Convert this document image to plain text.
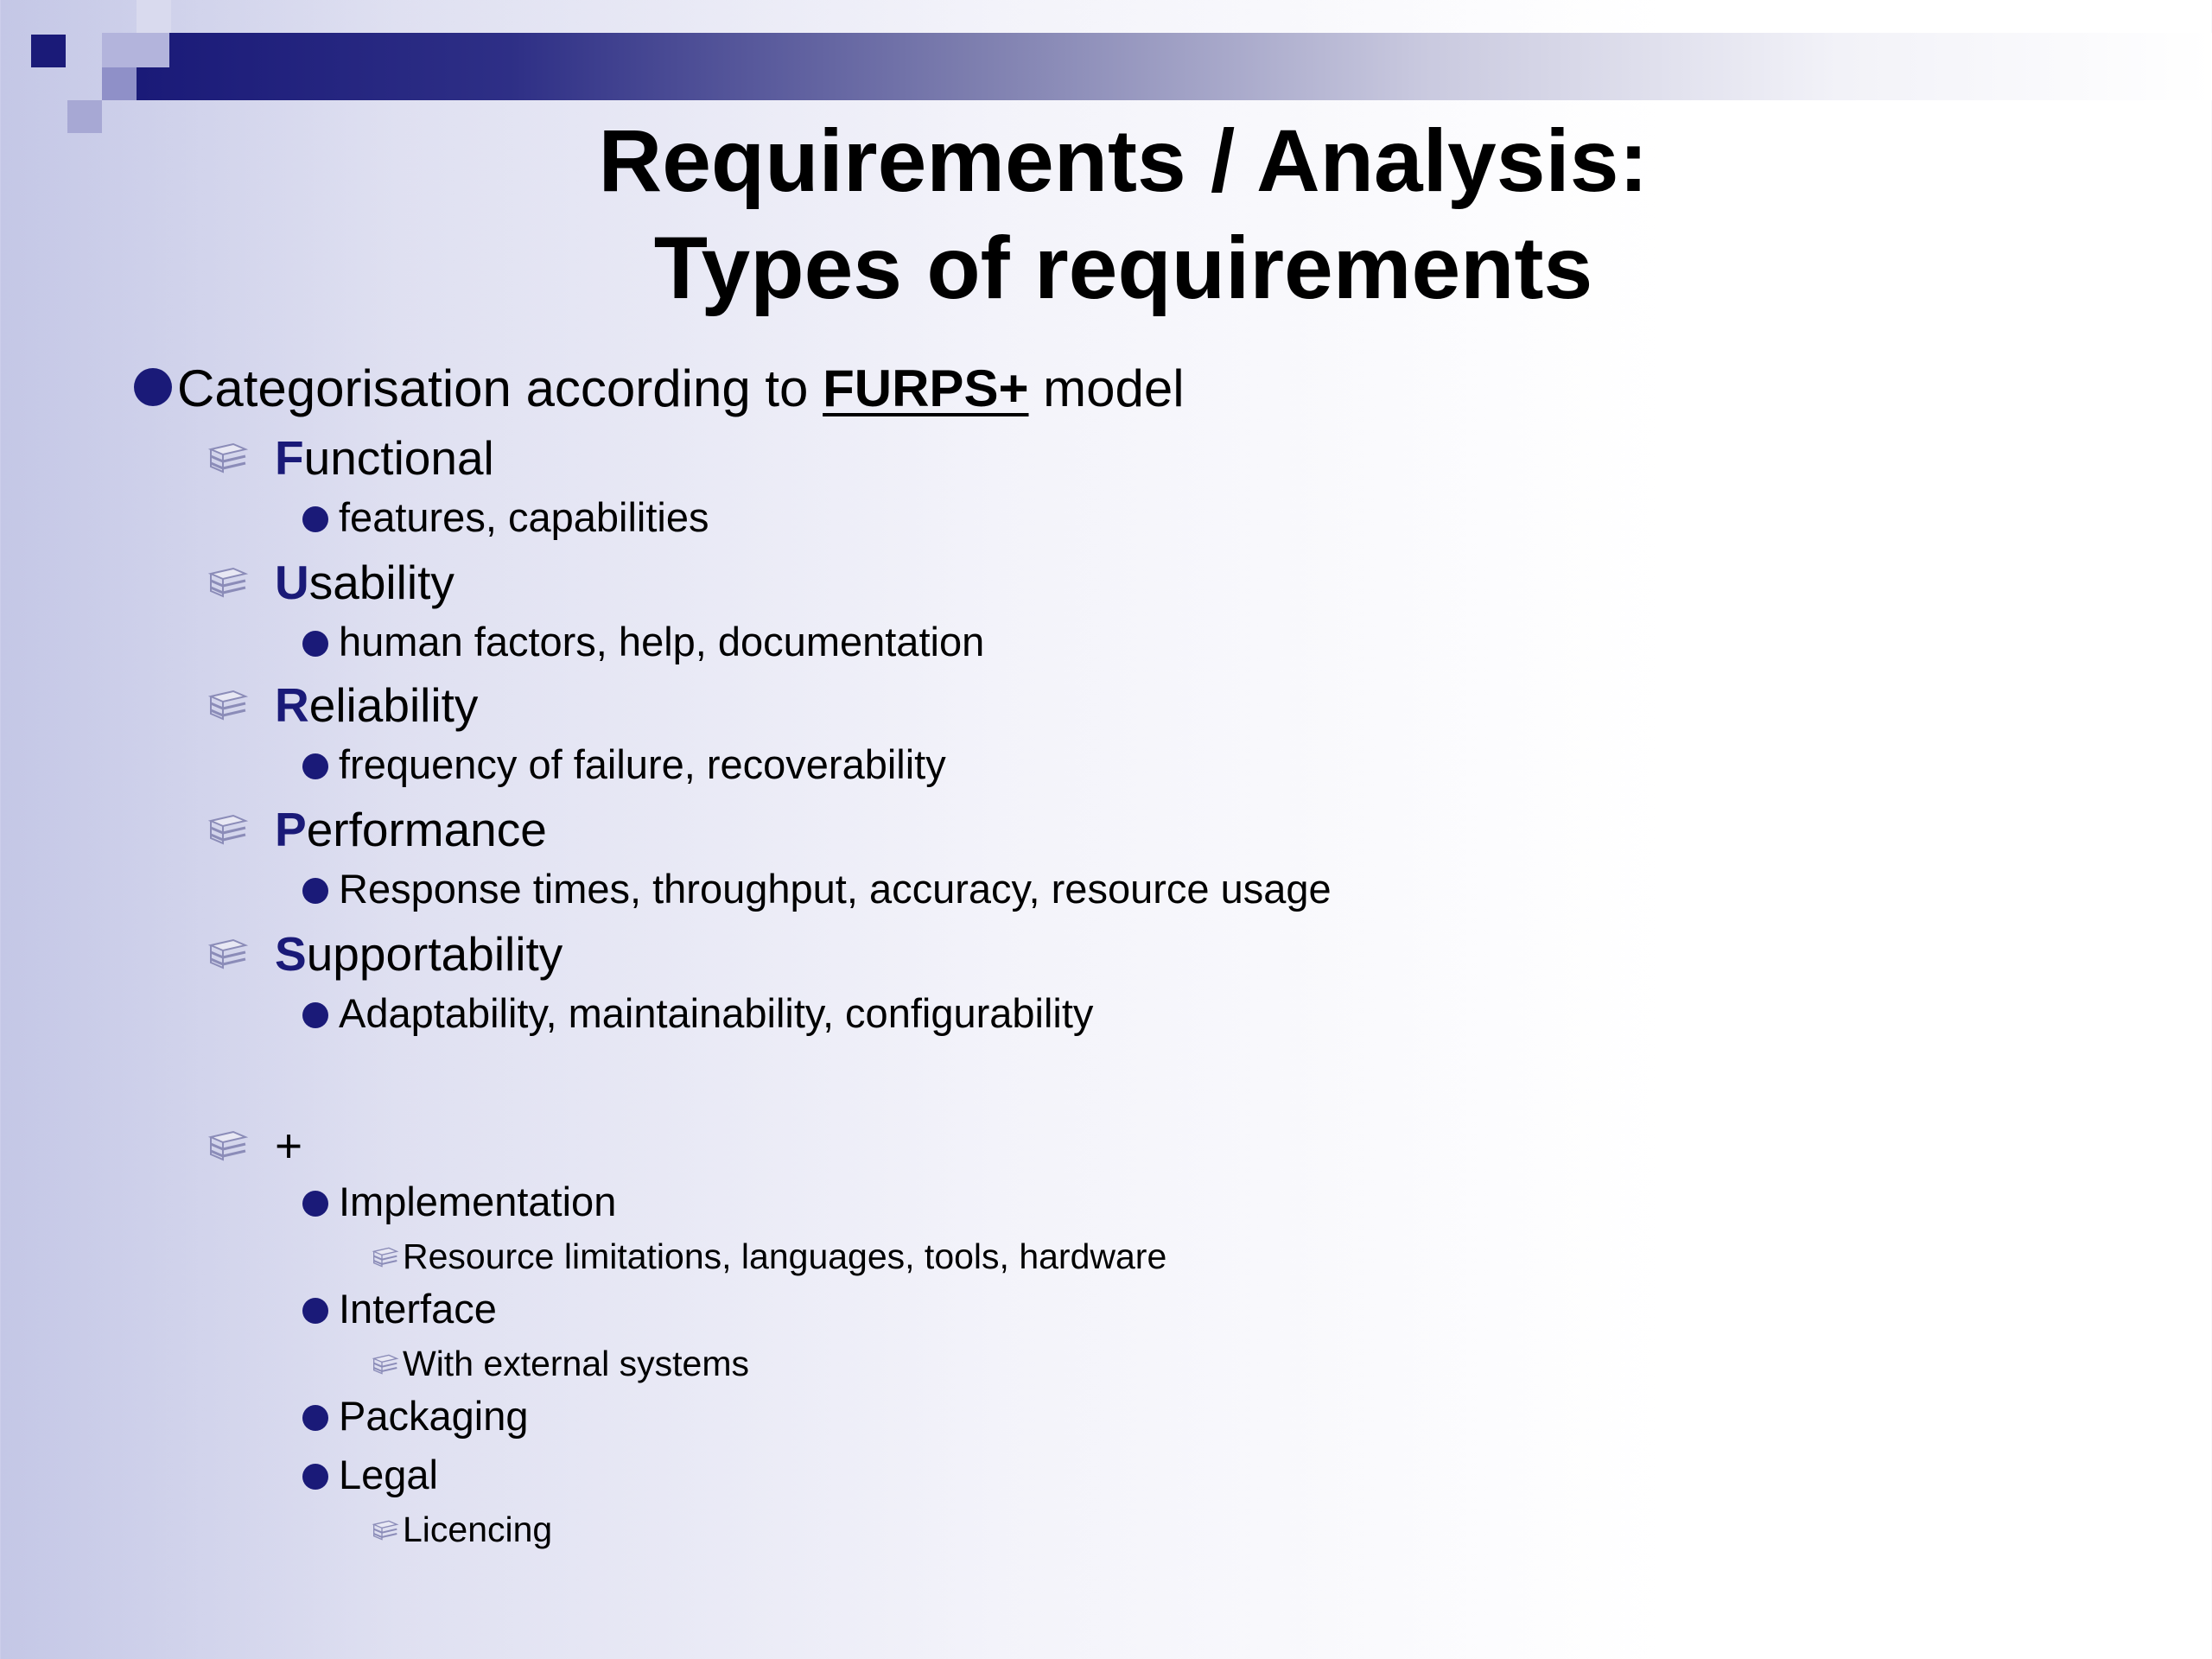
Requirements / Analysis:
Types of requirements
Categorisation according to FURPS+ model
Functional
features, capabilities
Usability
human factors, help, documentation
Reliability
frequency of failure, recoverability
Performance
Response times, throughput, accuracy, resource usage
Supportability
Adaptability, maintainability, configurability
+
Implementation
Resource limitations, languages, tools, hardware
Interface
With external systems
Packaging
Legal
Licencing
